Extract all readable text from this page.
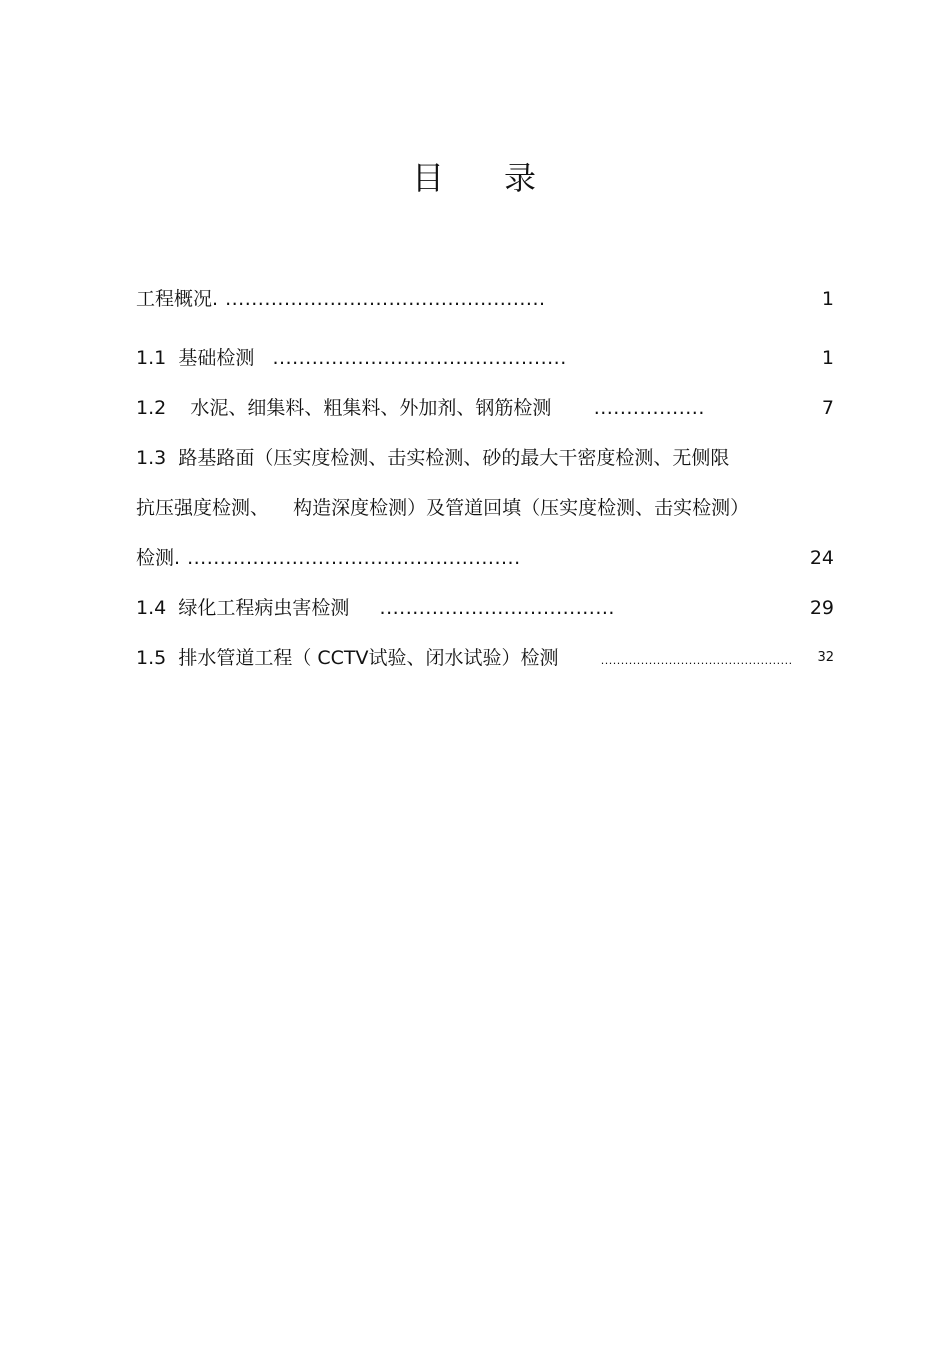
目 录
工程概况. .................................................	1
1.1 基础检测 .............................................	1
1.2 水泥、细集料、粗集料、外加剂、钢筋检测 .................	7
1.3 路基路面（压实度检测、击实检测、砂的最大干密度检测、无侧限
抗压强度检测、    构造深度检测）及管道回填（压实度检测、击实检测）
检测. ...................................................	24
1.4 绿化工程病虫害检测 ....................................	29
1.5 排水管道工程（ CCTV试验、闭水试验）检测	................................................ 32
